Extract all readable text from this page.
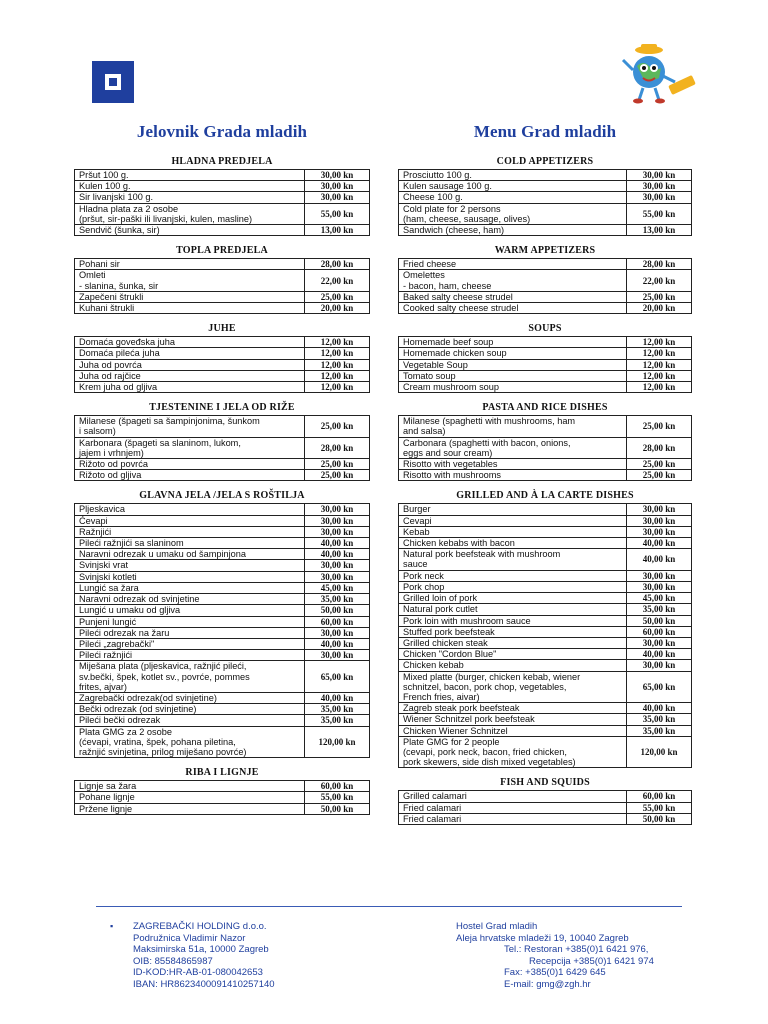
Jelovnik Grada mladih
HLADNA PREDJELA
Pršut 100 g.	30,00 kn
Kulen 100 g.	30,00 kn
Sir livanjski 100 g.	30,00 kn
Hladna plata za 2 osobe
(pršut, sir-paški ili livanjski, kulen, masline)	55,00 kn
Sendvič (šunka, sir)	13,00 kn
TOPLA PREDJELA
Pohani sir	28,00 kn
Omleti
- slanina, šunka, sir	22,00 kn
Zapečeni štrukli	25,00 kn
Kuhani štrukli	20,00 kn
JUHE
Domaća goveđska juha	12,00 kn
Domaća pileća juha	12,00 kn
Juha od povrća	12,00 kn
Juha od rajčice	12,00 kn
Krem juha od gljiva	12,00 kn
TJESTENINE I JELA OD RIŽE
Milanese (špageti sa šampinjonima, šunkom
i salsom)	25,00 kn
Karbonara (špageti sa slaninom, lukom,
jajem i vrhnjem)	28,00 kn
Rižoto od povrća	25,00 kn
Rižoto od gljiva	25,00 kn
GLAVNA JELA /JELA S ROŠTILJA
Pljeskavica	30,00 kn
Ćevapi	30,00 kn
Ražnjići	30,00 kn
Pileći ražnjići sa slaninom	40,00 kn
Naravni odrezak u umaku od šampinjona	40,00 kn
Svinjski vrat	30,00 kn
Svinjski kotleti	30,00 kn
Lungić sa žara	45,00 kn
Naravni odrezak od svinjetine	35,00 kn
Lungić u umaku od gljiva	50,00 kn
Punjeni lungić	60,00 kn
Pileći odrezak na žaru	30,00 kn
Pileći „zagrebački"	40,00 kn
Pileći ražnjići	30,00 kn
Miješana plata (pljeskavica, ražnjić pileći,
sv.bečki, špek, kotlet sv., povrće, pommes
frites, ajvar)	65,00 kn
Zagrebački odrezak(od svinjetine)	40,00 kn
Bečki odrezak (od svinjetine)	35,00 kn
Pileći bečki odrezak	35,00 kn
Plata GMG za 2 osobe
(ćevapi, vratina, špek, pohana piletina,
ražnjić svinjetina, prilog miješano povrće)	120,00 kn
RIBA I LIGNJE
Lignje sa žara	60,00 kn
Pohane lignje	55,00 kn
Pržene lignje	50,00 kn
Menu Grad mladih
COLD APPETIZERS
Prosciutto 100 g.	30,00 kn
Kulen sausage 100 g.	30,00 kn
Cheese 100 g.	30,00 kn
Cold plate for 2 persons
(ham, cheese, sausage, olives)	55,00 kn
Sandwich (cheese, ham)	13,00 kn
WARM APPETIZERS
Fried cheese	28,00 kn
Omelettes
- bacon, ham, cheese	22,00 kn
Baked salty cheese strudel	25,00 kn
Cooked salty cheese strudel	20,00 kn
SOUPS
Homemade beef soup	12,00 kn
Homemade chicken soup	12,00 kn
Vegetable Soup	12,00 kn
Tomato soup	12,00 kn
Cream mushroom soup	12,00 kn
PASTA AND RICE DISHES
Milanese (spaghetti with mushrooms, ham
and salsa)	25,00 kn
Carbonara (spaghetti with bacon, onions,
eggs and sour cream)	28,00 kn
Risotto with vegetables	25,00 kn
Risotto with mushrooms	25,00 kn
GRILLED AND À LA CARTE DISHES
Burger	30,00 kn
Cevapi	30,00 kn
Kebab	30,00 kn
Chicken kebabs with bacon	40,00 kn
Natural pork beefsteak with mushroom
sauce	40,00 kn
Pork neck	30,00 kn
Pork chop	30,00 kn
Grilled loin of pork	45,00 kn
Natural pork cutlet	35,00 kn
Pork loin with mushroom sauce	50,00 kn
Stuffed pork beefsteak	60,00 kn
Grilled chicken steak	30,00 kn
Chicken "Cordon Blue"	40,00 kn
Chicken kebab	30,00 kn
Mixed platte (burger, chicken kebab, wiener
schnitzel, bacon, pork chop, vegetables,
French fries, aivar)	65,00 kn
Zagreb steak pork beefsteak	40,00 kn
Wiener Schnitzel pork beefsteak	35,00 kn
Chicken Wiener Schnitzel	35,00 kn
Plate GMG for 2 people
(cevapi, pork neck, bacon, fried chicken,
pork skewers, side dish mixed vegetables)	120,00 kn
FISH AND SQUIDS
Grilled calamari	60,00 kn
Fried calamari	55,00 kn
Fried calamari	50,00 kn
▪ ZAGREBAČKI HOLDING d.o.o.
Podružnica Vladimir Nazor
Maksimirska 51a, 10000 Zagreb
OIB: 85584865987
ID-KOD:HR-AB-01-080042653
IBAN: HR8623400091410257140
Hostel Grad mladih
Aleja hrvatske mladeži 19, 10040 Zagreb
Tel.: Restoran +385(0)1 6421 976,
Recepcija +385(0)1 6421 974
Fax: +385(0)1 6429 645
E-mail: gmg@zgh.hr
